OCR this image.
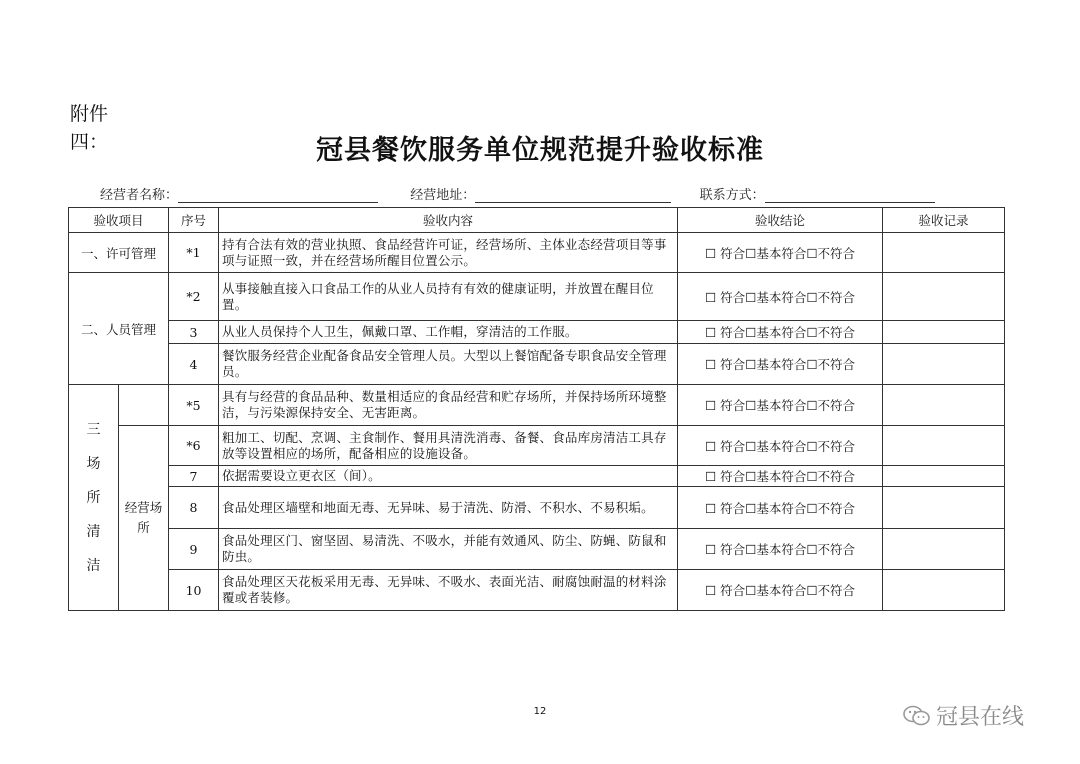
附件
四：	冠县餐饮服务单位规范提升验收标准
经营者名称：	经营地址：	联系方式：
验收项目		序号	验收内容	验收结论	验收记录
一、许可管理		*1	持有合法有效的营业执照、食品经营许可证，经营场所、主体业态经营项目等事项与证照一致，并在经营场所醒目位置公示。	☐ 符合☐基本符合☐不符合	
二、人员管理		*2	从事接触直接入口食品工作的从业人员持有有效的健康证明，并放置在醒目位置。	☐ 符合☐基本符合☐不符合	
		3	从业人员保持个人卫生，佩戴口罩、工作帽，穿清洁的工作服。	☐ 符合☐基本符合☐不符合	
		4	餐饮服务经营企业配备食品安全管理人员。大型以上餐馆配备专职食品安全管理员。	☐ 符合☐基本符合☐不符合	

三
场
所
清
洁		*5	具有与经营的食品品种、数量相适应的食品经营和贮存场所，并保持场所环境整洁，与污染源保持安全、无害距离。	☐ 符合☐基本符合☐不符合	
	经营场所	*6	粗加工、切配、烹调、主食制作、餐用具清洗消毒、备餐、食品库房清洁工具存放等设置相应的场所，配备相应的设施设备。	☐ 符合☐基本符合☐不符合	
		7	依据需要设立更衣区（间）。	☐ 符合☐基本符合☐不符合	
		8	食品处理区墙壁和地面无毒、无异味、易于清洗、防滑、不积水、不易积垢。	☐ 符合☐基本符合☐不符合	
		9	食品处理区门、窗坚固、易清洗、不吸水，并能有效通风、防尘、防蝇、防鼠和防虫。	☐ 符合☐基本符合☐不符合	
		10	食品处理区天花板采用无毒、无异味、不吸水、表面光洁、耐腐蚀耐温的材料涂覆或者装修。	☐ 符合☐基本符合☐不符合	
12	冠县在线
